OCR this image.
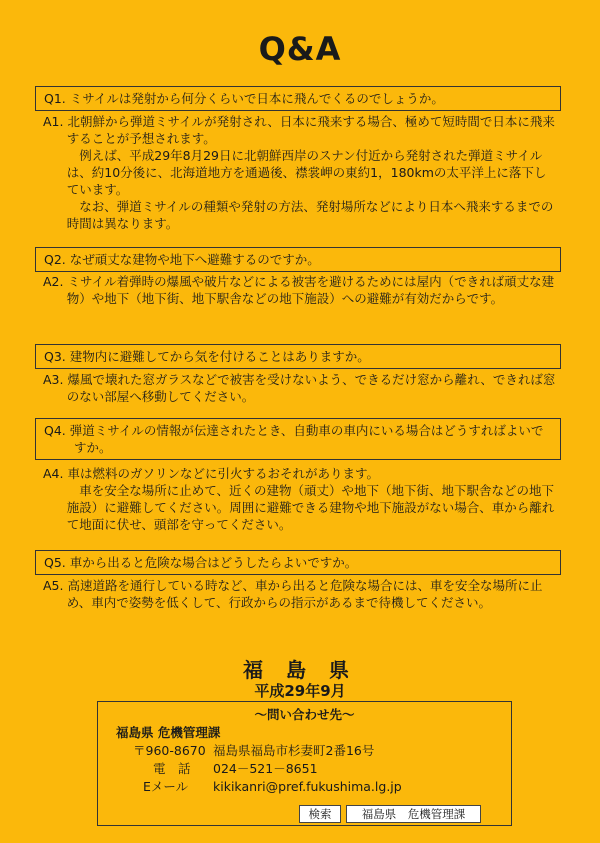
Q&A
Q1. ミサイルは発射から何分くらいで日本に飛んでくるのでしょうか。

A1. 北朝鮮から弾道ミサイルが発射され、日本に飛来する場合、極めて短時間で日本に飛来することが予想されます。

例えば、平成29年8月29日に北朝鮮西岸のスナン付近から発射された弾道ミサイルは、約10分後に、北海道地方を通過後、襟裳岬の東約1，180kmの太平洋上に落下しています。

なお、弾道ミサイルの種類や発射の方法、発射場所などにより日本へ飛来するまでの時間は異なります。

Q2. なぜ頑丈な建物や地下へ避難するのですか。

A2. ミサイル着弾時の爆風や破片などによる被害を避けるためには屋内（できれば頑丈な建物）や地下（地下街、地下駅舎などの地下施設）への避難が有効だからです。

Q3. 建物内に避難してから気を付けることはありますか。

A3. 爆風で壊れた窓ガラスなどで被害を受けないよう、できるだけ窓から離れ、できれば窓のない部屋へ移動してください。

Q4. 弾道ミサイルの情報が伝達されたとき、自動車の車内にいる場合はどうすればよいですか。

A4. 車は燃料のガソリンなどに引火するおそれがあります。

車を安全な場所に止めて、近くの建物（頑丈）や地下（地下街、地下駅舎などの地下施設）に避難してください。周囲に避難できる建物や地下施設がない場合、車から離れて地面に伏せ、頭部を守ってください。

Q5. 車から出ると危険な場合はどうしたらよいですか。

A5. 高速道路を通行している時など、車から出ると危険な場合には、車を安全な場所に止め、車内で姿勢を低くして、行政からの指示があるまで待機してください。

福 島 県
平成29年9月
～問い合わせ先～
福島県 危機管理課
〒960-8670 福島県福島市杉妻町2番16号
電　話 024－521－8651
Eメール kikikanri@pref.fukushima.lg.jp
検索	福島県　危機管理課
